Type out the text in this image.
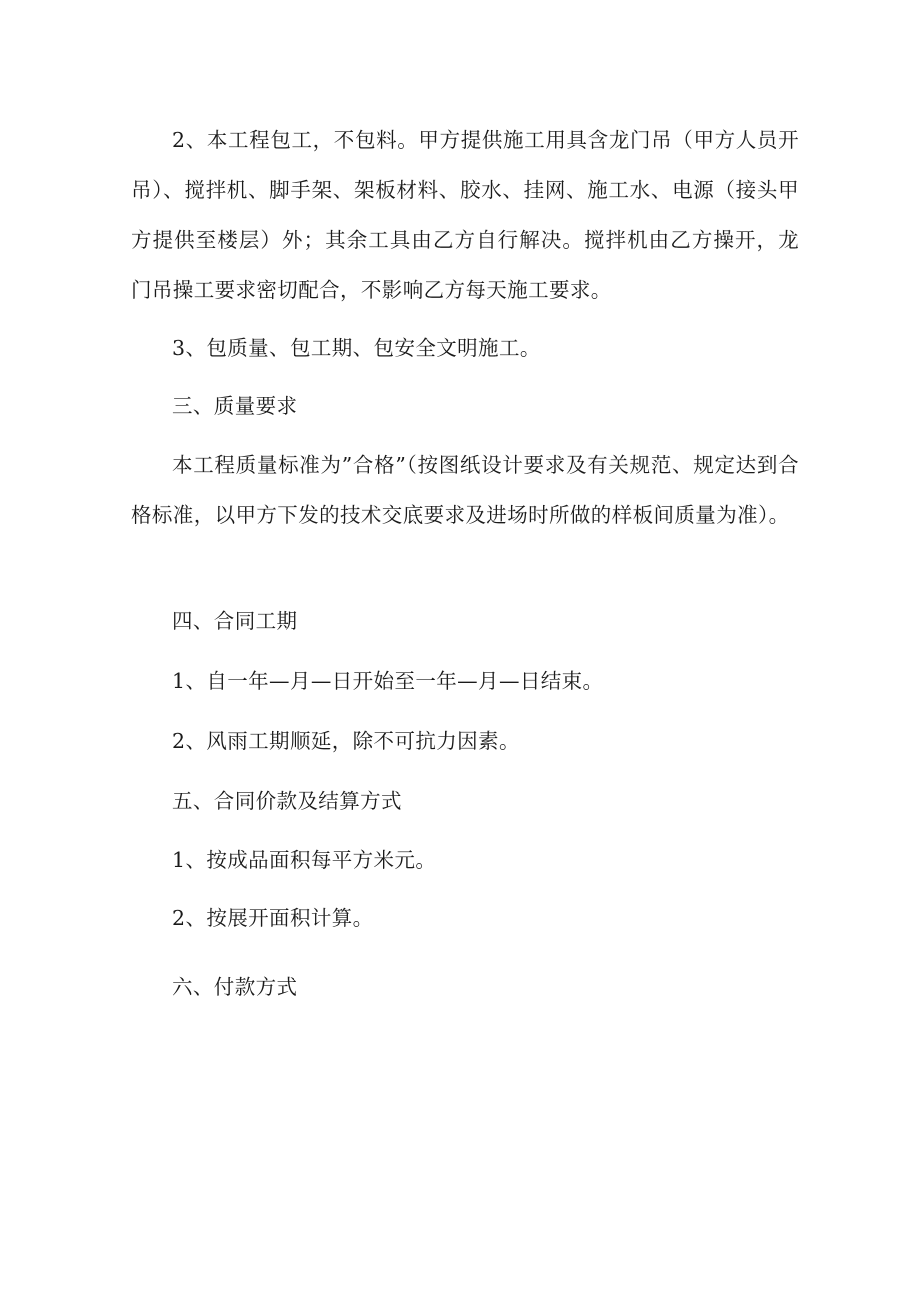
2、本工程包工，不包料。甲方提供施工用具含龙门吊（甲方人员开吊）、搅拌机、脚手架、架板材料、胶水、挂网、施工水、电源（接头甲方提供至楼层）外；其余工具由乙方自行解决。搅拌机由乙方操开，龙门吊操工要求密切配合，不影响乙方每天施工要求。

3、包质量、包工期、包安全文明施工。

三、质量要求

本工程质量标准为”合格”（按图纸设计要求及有关规范、规定达到合格标准，以甲方下发的技术交底要求及进场时所做的样板间质量为准）。

四、合同工期

1、自一年—月—日开始至一年—月—日结束。

2、风雨工期顺延，除不可抗力因素。

五、合同价款及结算方式

1、按成品面积每平方米元。

2、按展开面积计算。

六、付款方式
